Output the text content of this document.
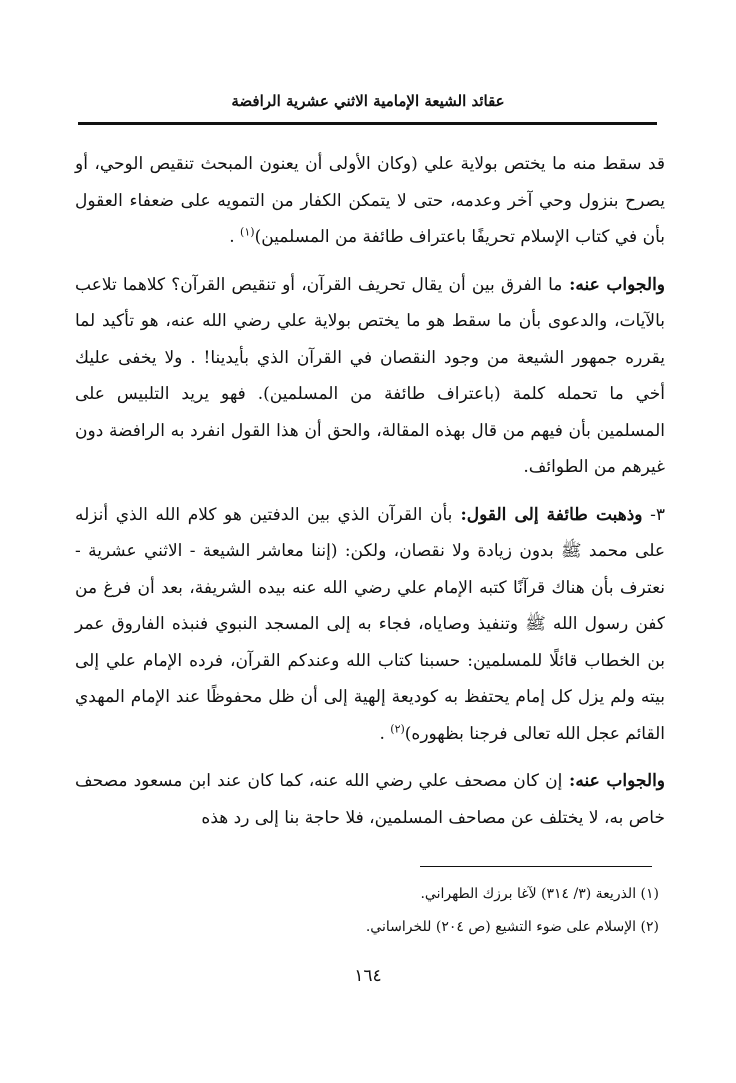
عقائد الشيعة الإمامية الاثني عشرية الرافضة

قد سقط منه ما يختص بولاية علي (وكان الأولى أن يعنون المبحث تنقيص الوحي، أو يصرح بنزول وحي آخر وعدمه، حتى لا يتمكن الكفار من التمويه على ضعفاء العقول بأن في كتاب الإسلام تحريفًا باعتراف طائفة من المسلمين)$^{(١)}$ .

والجواب عنه: ما الفرق بين أن يقال تحريف القرآن، أو تنقيص القرآن؟ كلاهما تلاعب بالآيات، والدعوى بأن ما سقط هو ما يختص بولاية علي رضي الله عنه، هو تأكيد لما يقرره جمهور الشيعة من وجود النقصان في القرآن الذي بأيدينا! . ولا يخفى عليك أخي ما تحمله كلمة (باعتراف طائفة من المسلمين). فهو يريد التلبيس على المسلمين بأن فيهم من قال بهذه المقالة، والحق أن هذا القول انفرد به الرافضة دون غيرهم من الطوائف.

٣- وذهبت طائفة إلى القول: بأن القرآن الذي بين الدفتين هو كلام الله الذي أنزله على محمد ﷺ بدون زيادة ولا نقصان، ولكن: (إننا معاشر الشيعة - الاثني عشرية - نعترف بأن هناك قرآنًا كتبه الإمام علي رضي الله عنه بيده الشريفة، بعد أن فرغ من كفن رسول الله ﷺ وتنفيذ وصاياه، فجاء به إلى المسجد النبوي فنبذه الفاروق عمر بن الخطاب قائلًا للمسلمين: حسبنا كتاب الله وعندكم القرآن، فرده الإمام علي إلى بيته ولم يزل كل إمام يحتفظ به كوديعة إلهية إلى أن ظل محفوظًا عند الإمام المهدي القائم عجل الله تعالى فرجنا بظهوره)$^{(٢)}$ .

والجواب عنه: إن كان مصحف علي رضي الله عنه، كما كان عند ابن مسعود مصحف خاص به، لا يختلف عن مصاحف المسلمين، فلا حاجة بنا إلى رد هذه

(١) الذريعة (٣/ ٣١٤) لآغا برزك الطهراني.

(٢) الإسلام على ضوء التشيع (ص ٢٠٤) للخراساني.

١٦٤
